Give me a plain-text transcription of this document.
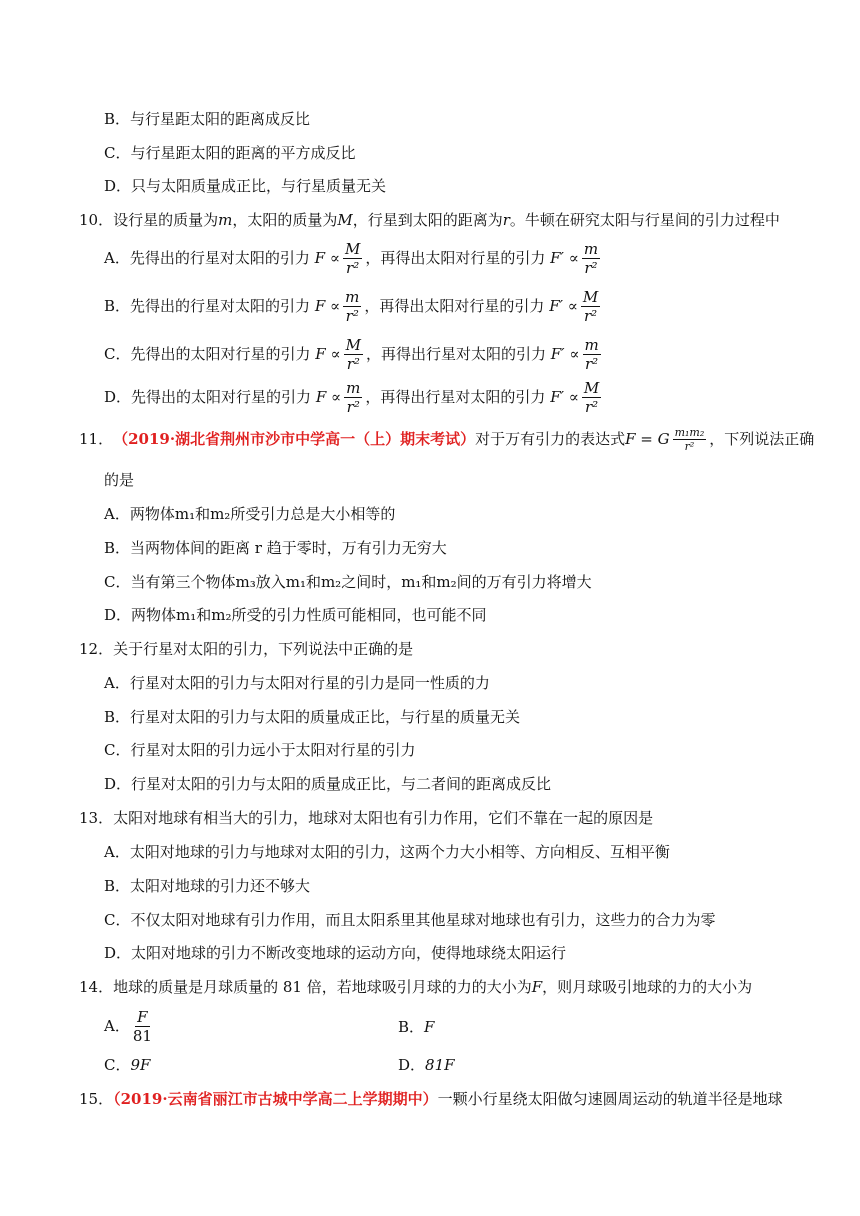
B．与行星距太阳的距离成反比
C．与行星距太阳的距离的平方成反比
D．只与太阳质量成正比，与行星质量无关
10．设行星的质量为m，太阳的质量为M，行星到太阳的距离为r。牛顿在研究太阳与行星间的引力过程中
A． 先得出的行星对太阳的引力
$F \propto \frac{M}{\text{r²}}$ ，再得出太阳对行星的引力
$F' \propto \frac{m}{\text{r²}}$
B． 先得出的行星对太阳的引力
$F \propto \frac{m}{\text{r²}}$ ，再得出太阳对行星的引力
$F' \propto \frac{M}{\text{r²}}$
C． 先得出的太阳对行星的引力
$F \propto \frac{M}{\text{r²}}$ ，再得出行星对太阳的引力
$F' \propto \frac{m}{\text{r²}}$
D． 先得出的太阳对行星的引力
$F \propto \frac{m}{\text{r²}}$ ，再得出行星对太阳的引力
$F' \propto \frac{M}{\text{r²}}$
11． （2019·湖北省荆州市沙市中学高一（上）期末考试） 对于万有引力的表达式 F = G $\frac{\text{m₁m₂}}{\text{r²}}$ ，下列说法正确
的是
A．两物体m₁和m₂所受引力总是大小相等的
B．当两物体间的距离 r 趋于零时，万有引力无穷大
C．当有第三个物体m₃放入m₁和m₂之间时，m₁和m₂间的万有引力将增大
D．两物体m₁和m₂所受的引力性质可能相同，也可能不同
12．关于行星对太阳的引力，下列说法中正确的是
A．行星对太阳的引力与太阳对行星的引力是同一性质的力
B．行星对太阳的引力与太阳的质量成正比，与行星的质量无关
C．行星对太阳的引力远小于太阳对行星的引力
D．行星对太阳的引力与太阳的质量成正比，与二者间的距离成反比
13．太阳对地球有相当大的引力，地球对太阳也有引力作用，它们不靠在一起的原因是
A．太阳对地球的引力与地球对太阳的引力，这两个力大小相等、方向相反、互相平衡
B．太阳对地球的引力还不够大
C．不仅太阳对地球有引力作用，而且太阳系里其他星球对地球也有引力，这些力的合力为零
D．太阳对地球的引力不断改变地球的运动方向，使得地球绕太阳运行
14．地球的质量是月球质量的 81 倍，若地球吸引月球的力的大小为F，则月球吸引地球的力的大小为
A． $\frac{F}{81}$	B．F
C．9F	D．81F
15．（2019·云南省丽江市古城中学高二上学期期中）一颗小行星绕太阳做匀速圆周运动的轨道半径是地球
